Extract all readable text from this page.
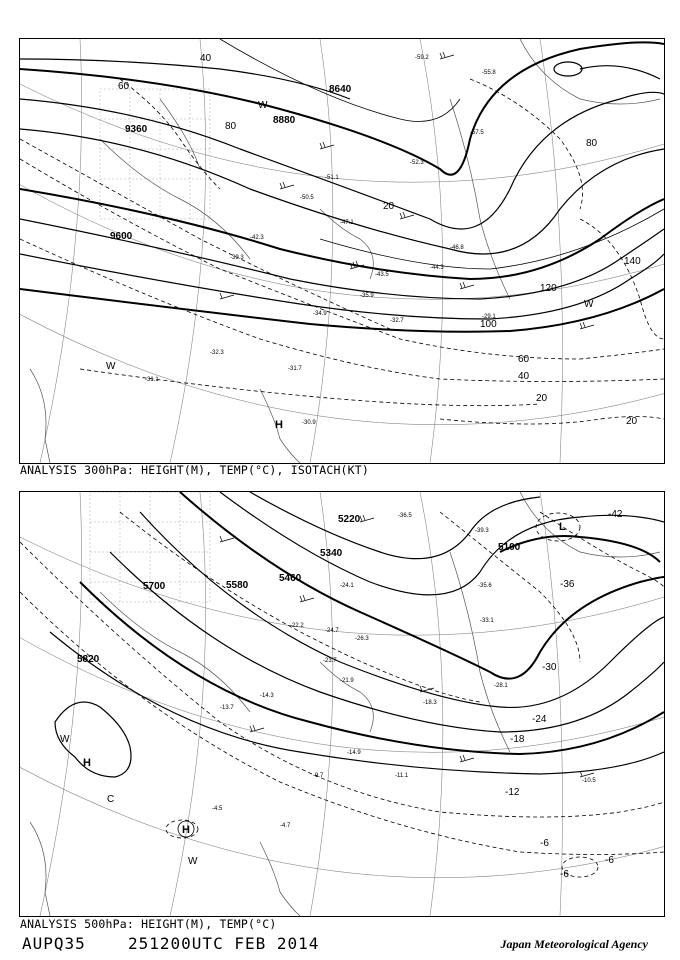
9360
9600
8640
8880
40
60
80
100
120
140
20
80
60
40
20
20
-59.2
-57.5
-51.1
-47.1
-43.5
-39.3
-35.9
-32.7
-29.1
-34.9
-32.3
-31.7
-30.9
-55.8
-52.3
-46.8
-44.3
-31.1
-50.5
-42.3
H
W
W
W
ANALYSIS 300hPa: HEIGHT(M), TEMP(°C), ISOTACH(KT)
5220
5340
5460
5580
5700
5820
5100
-42
-36
-30
-24
-18
-12
-6
-6
-6
-36.5
-39.3
-24.1
-22.2
-26.3
-24.7
-23.7
-21.9
-14.3
-13.7
-14.9
-11.1
-10.5
-9.7
-4.5
-4.7
-18.3
-28.1
-33.1
-35.6
H
H
L
W
C
W
ANALYSIS 500hPa: HEIGHT(M), TEMP(°C)
AUPQ35	251200UTC FEB 2014	Japan Meteorological Agency
